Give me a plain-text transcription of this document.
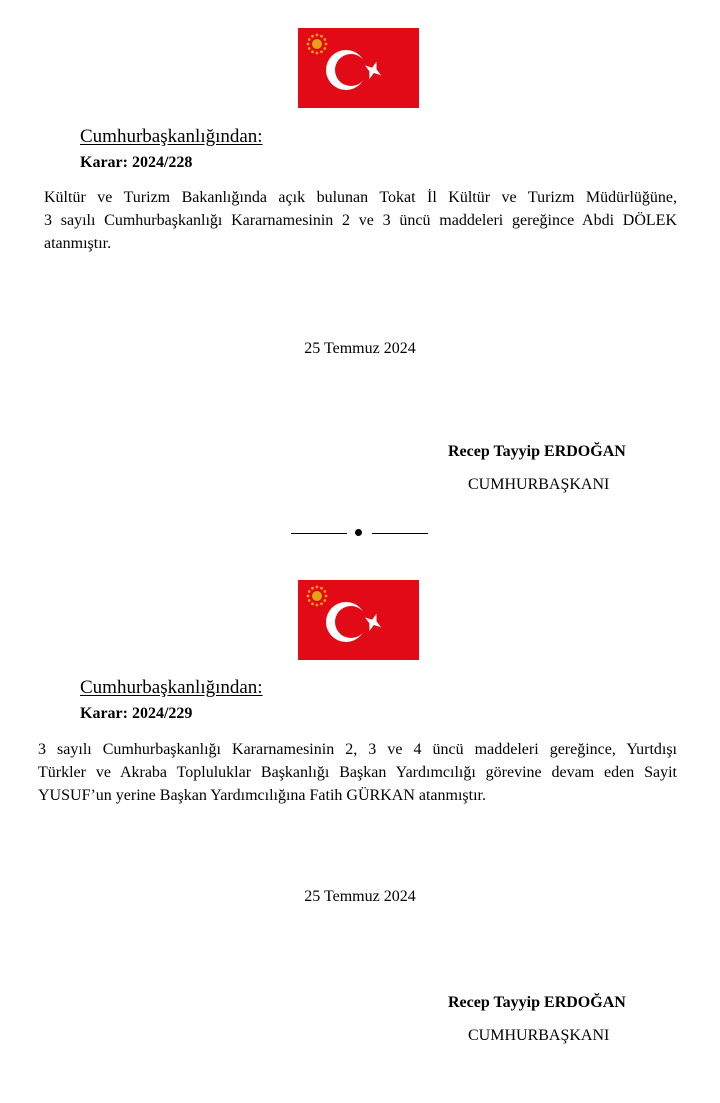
Cumhurbaşkanlığından:
Karar: 2024/228
Kültür ve Turizm Bakanlığında açık bulunan Tokat İl Kültür ve Turizm Müdürlüğüne,
3 sayılı Cumhurbaşkanlığı Kararnamesinin 2 ve 3 üncü maddeleri gereğince Abdi DÖLEK
atanmıştır.
25 Temmuz 2024
Recep Tayyip ERDOĞAN
CUMHURBAŞKANI
Cumhurbaşkanlığından:
Karar: 2024/229
3 sayılı Cumhurbaşkanlığı Kararnamesinin 2, 3 ve 4 üncü maddeleri gereğince, Yurtdışı
Türkler ve Akraba Topluluklar Başkanlığı Başkan Yardımcılığı görevine devam eden Sayit
YUSUF’un yerine Başkan Yardımcılığına Fatih GÜRKAN atanmıştır.
25 Temmuz 2024
Recep Tayyip ERDOĞAN
CUMHURBAŞKANI
